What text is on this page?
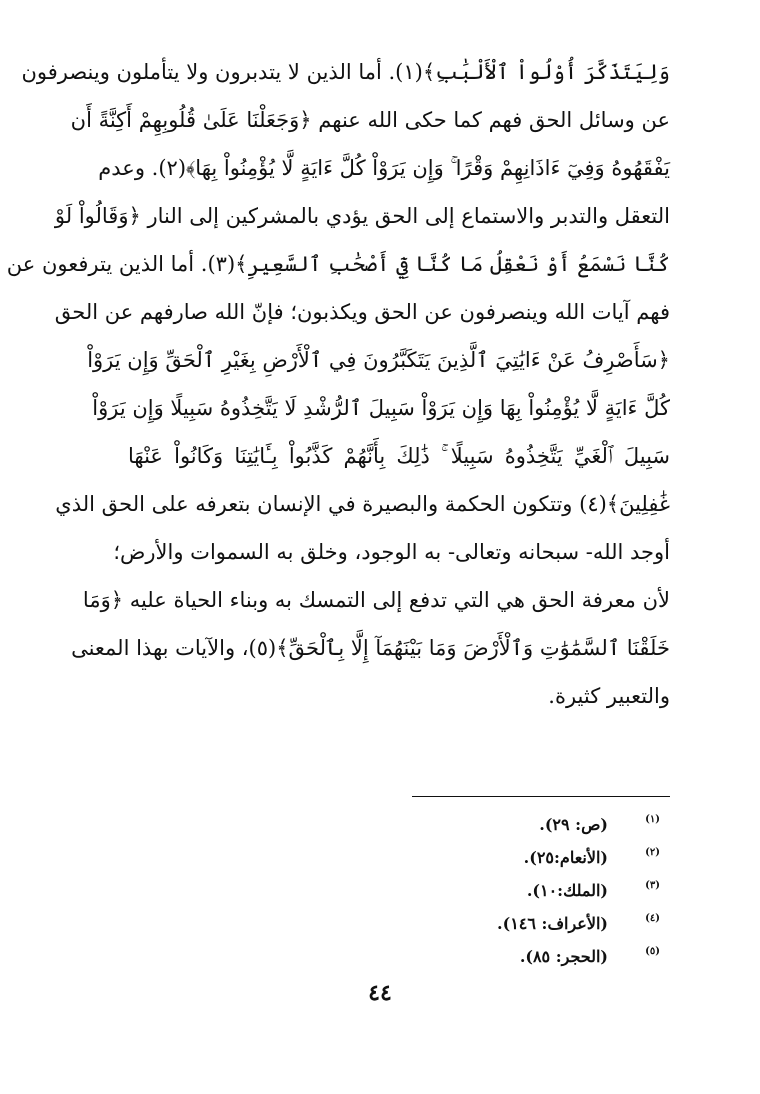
وَلِيَتَذَكَّرَ أُوْلُواْ ٱلْأَلْبَٰبِ﴾(١). أما الذين لا يتدبرون ولا يتأملون وينصرفون
عن وسائل الحق فهم كما حكى الله عنهم ﴿وَجَعَلْنَا عَلَىٰ قُلُوبِهِمْ أَكِنَّةً أَن
يَفْقَهُوهُ وَفِيٓ ءَاذَانِهِمْ وَقْرًا ۚ وَإِن يَرَوْاْ كُلَّ ءَايَةٍ لَّا يُؤْمِنُواْ بِهَا﴾(٢). وعدم
التعقل والتدبر والاستماع إلى الحق يؤدي بالمشركين إلى النار ﴿وَقَالُواْ لَوْ
كُنَّا نَسْمَعُ أَوْ نَعْقِلُ مَا كُنَّا فِيٓ أَصْحَٰبِ ٱلسَّعِيرِ﴾(٣). أما الذين يترفعون عن
فهم آيات الله وينصرفون عن الحق ويكذبون؛ فإنّ الله صارفهم عن الحق
﴿سَأَصْرِفُ عَنْ ءَايَٰتِيَ ٱلَّذِينَ يَتَكَبَّرُونَ فِي ٱلْأَرْضِ بِغَيْرِ ٱلْحَقِّ وَإِن يَرَوْاْ
كُلَّ ءَايَةٍ لَّا يُؤْمِنُواْ بِهَا وَإِن يَرَوْاْ سَبِيلَ ٱلرُّشْدِ لَا يَتَّخِذُوهُ سَبِيلًا وَإِن يَرَوْاْ
سَبِيلَ ٱلْغَيِّ يَتَّخِذُوهُ سَبِيلًا ۚ ذَٰلِكَ بِأَنَّهُمْ كَذَّبُواْ بِـَٔايَٰتِنَا وَكَانُواْ عَنْهَا
غَٰفِلِينَ﴾(٤) وتتكون الحكمة والبصيرة في الإنسان بتعرفه على الحق الذي
أوجد الله- سبحانه وتعالى- به الوجود، وخلق به السموات والأرض؛
لأن معرفة الحق هي التي تدفع إلى التمسك به وبناء الحياة عليه ﴿وَمَا
خَلَقْنَا ٱلسَّمَٰوَٰتِ وَٱلْأَرْضَ وَمَا بَيْنَهُمَآ إِلَّا بِٱلْحَقِّ﴾(٥)، والآيات بهذا المعنى
والتعبير كثيرة.
(١)
(ص: ٢٩).
(٢)
(الأنعام:٢٥).
(٣)
(الملك:١٠).
(٤)
(الأعراف: ١٤٦).
(٥)
(الحجر: ٨٥).
٤٤
